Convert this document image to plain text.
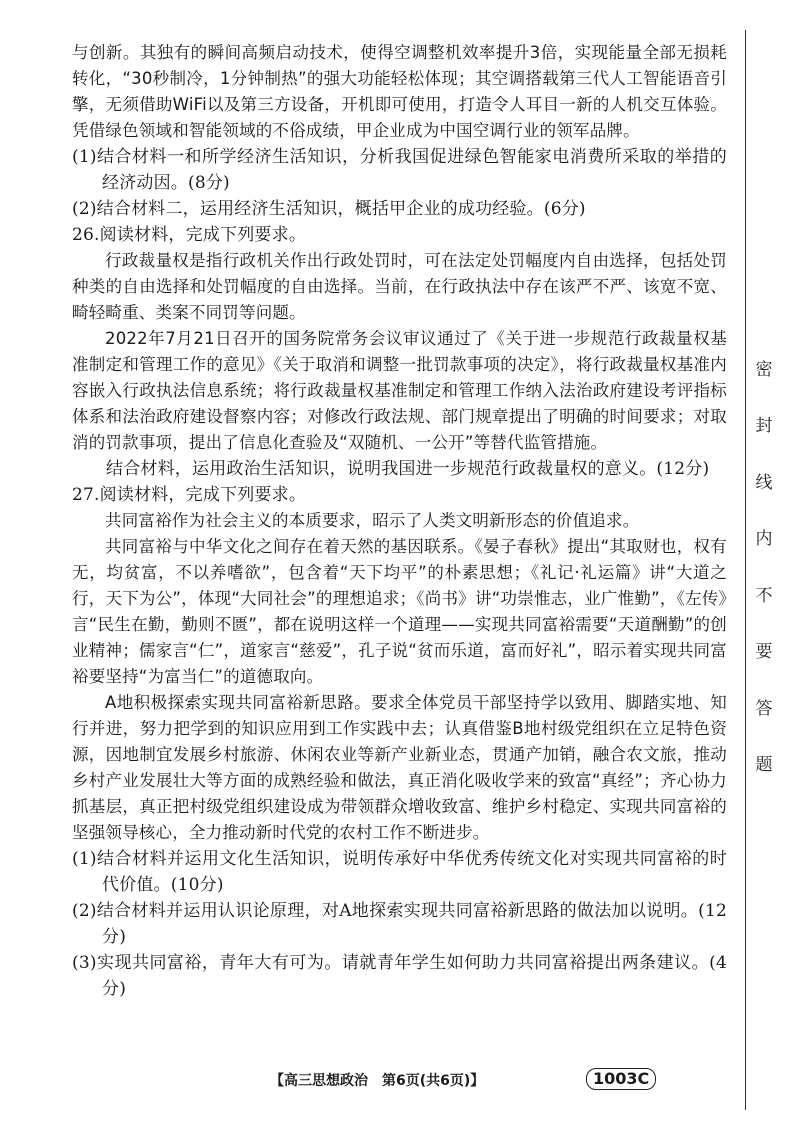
与创新。其独有的瞬间高频启动技术，使得空调整机效率提升3倍，实现能量全部无损耗转化，“30秒制冷，1分钟制热”的强大功能轻松体现；其空调搭载第三代人工智能语音引擎，无须借助WiFi以及第三方设备，开机即可使用，打造令人耳目一新的人机交互体验。凭借绿色领域和智能领域的不俗成绩，甲企业成为中国空调行业的领军品牌。

(1)结合材料一和所学经济生活知识，分析我国促进绿色智能家电消费所采取的举措的经济动因。(8分)

(2)结合材料二，运用经济生活知识，概括甲企业的成功经验。(6分)

26.阅读材料，完成下列要求。

行政裁量权是指行政机关作出行政处罚时，可在法定处罚幅度内自由选择，包括处罚种类的自由选择和处罚幅度的自由选择。当前，在行政执法中存在该严不严、该宽不宽、畸轻畸重、类案不同罚等问题。

2022年7月21日召开的国务院常务会议审议通过了《关于进一步规范行政裁量权基准制定和管理工作的意见》《关于取消和调整一批罚款事项的决定》，将行政裁量权基准内容嵌入行政执法信息系统；将行政裁量权基准制定和管理工作纳入法治政府建设考评指标体系和法治政府建设督察内容；对修改行政法规、部门规章提出了明确的时间要求；对取消的罚款事项，提出了信息化查验及“双随机、一公开”等替代监管措施。

结合材料，运用政治生活知识，说明我国进一步规范行政裁量权的意义。(12分)

27.阅读材料，完成下列要求。

共同富裕作为社会主义的本质要求，昭示了人类文明新形态的价值追求。

共同富裕与中华文化之间存在着天然的基因联系。《晏子春秋》提出“其取财也，权有无，均贫富，不以养嗜欲”，包含着“天下均平”的朴素思想；《礼记·礼运篇》讲“大道之行，天下为公”，体现“大同社会”的理想追求；《尚书》讲“功崇惟志，业广惟勤”，《左传》言“民生在勤，勤则不匮”，都在说明这样一个道理——实现共同富裕需要“天道酬勤”的创业精神；儒家言“仁”，道家言“慈爱”，孔子说“贫而乐道，富而好礼”，昭示着实现共同富裕要坚持“为富当仁”的道德取向。

A地积极探索实现共同富裕新思路。要求全体党员干部坚持学以致用、脚踏实地、知行并进，努力把学到的知识应用到工作实践中去；认真借鉴B地村级党组织在立足特色资源，因地制宜发展乡村旅游、休闲农业等新产业新业态，贯通产加销，融合农文旅，推动乡村产业发展壮大等方面的成熟经验和做法，真正消化吸收学来的致富“真经”；齐心协力抓基层，真正把村级党组织建设成为带领群众增收致富、维护乡村稳定、实现共同富裕的坚强领导核心，全力推动新时代党的农村工作不断进步。

(1)结合材料并运用文化生活知识，说明传承好中华优秀传统文化对实现共同富裕的时代价值。(10分)

(2)结合材料并运用认识论原理，对A地探索实现共同富裕新思路的做法加以说明。(12分)

(3)实现共同富裕，青年大有可为。请就青年学生如何助力共同富裕提出两条建议。(4分)

密
封
线
内
不
要
答
题
【高三思想政治　第6页(共6页)】	1003C
